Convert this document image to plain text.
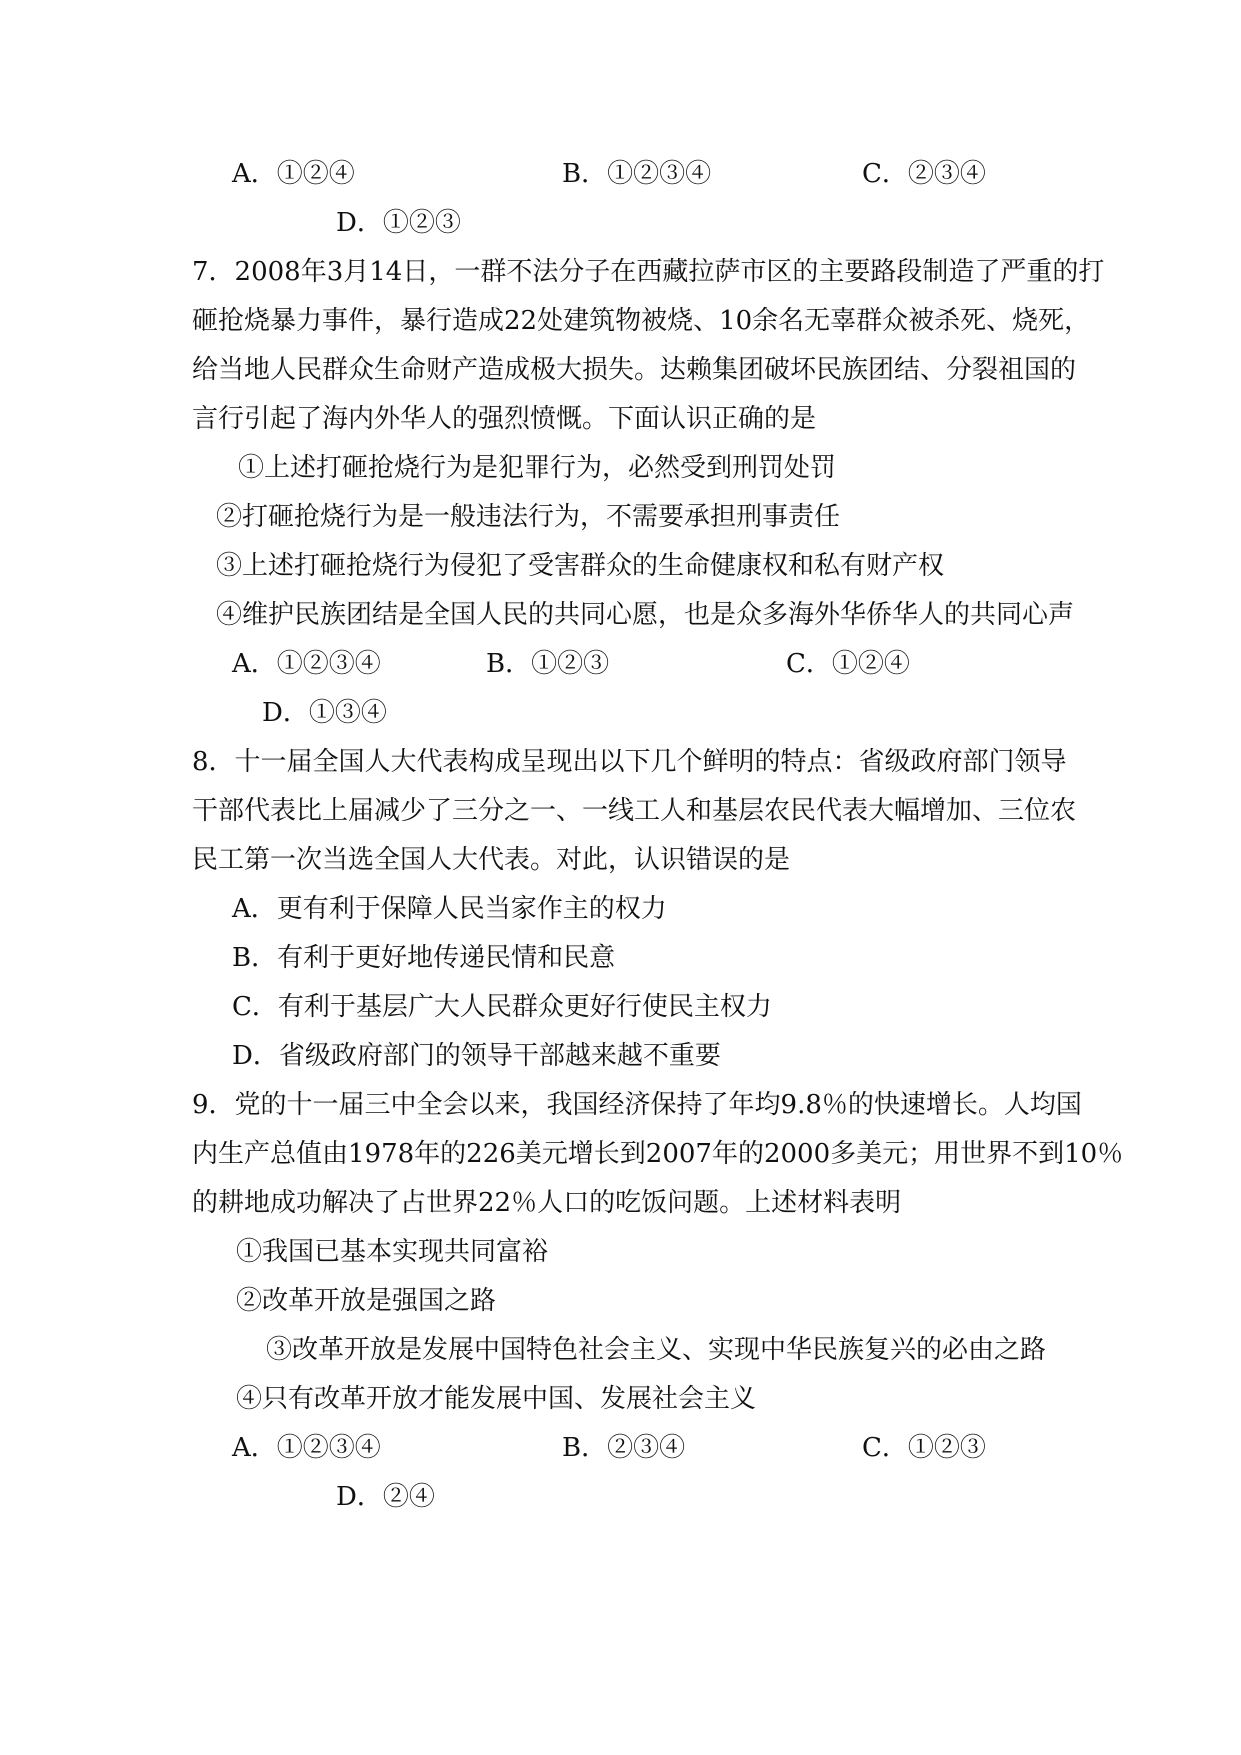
A．①②④	B．①②③④	C．②③④
D．①②③
7．2008年3月14日，一群不法分子在西藏拉萨市区的主要路段制造了严重的打
砸抢烧暴力事件，暴行造成22处建筑物被烧、10余名无辜群众被杀死、烧死，
给当地人民群众生命财产造成极大损失。达赖集团破坏民族团结、分裂祖国的
言行引起了海内外华人的强烈愤慨。下面认识正确的是
①上述打砸抢烧行为是犯罪行为，必然受到刑罚处罚
②打砸抢烧行为是一般违法行为，不需要承担刑事责任
③上述打砸抢烧行为侵犯了受害群众的生命健康权和私有财产权
④维护民族团结是全国人民的共同心愿，也是众多海外华侨华人的共同心声
A．①②③④	B．①②③	C．①②④
D．①③④
8．十一届全国人大代表构成呈现出以下几个鲜明的特点：省级政府部门领导
干部代表比上届减少了三分之一、一线工人和基层农民代表大幅增加、三位农
民工第一次当选全国人大代表。对此，认识错误的是
A．更有利于保障人民当家作主的权力
B．有利于更好地传递民情和民意
C．有利于基层广大人民群众更好行使民主权力
D．省级政府部门的领导干部越来越不重要
9．党的十一届三中全会以来，我国经济保持了年均9.8％的快速增长。人均国
内生产总值由1978年的226美元增长到2007年的2000多美元；用世界不到10％
的耕地成功解决了占世界22％人口的吃饭问题。上述材料表明
①我国已基本实现共同富裕
②改革开放是强国之路
③改革开放是发展中国特色社会主义、实现中华民族复兴的必由之路
④只有改革开放才能发展中国、发展社会主义
A．①②③④	B．②③④	C．①②③
D．②④
